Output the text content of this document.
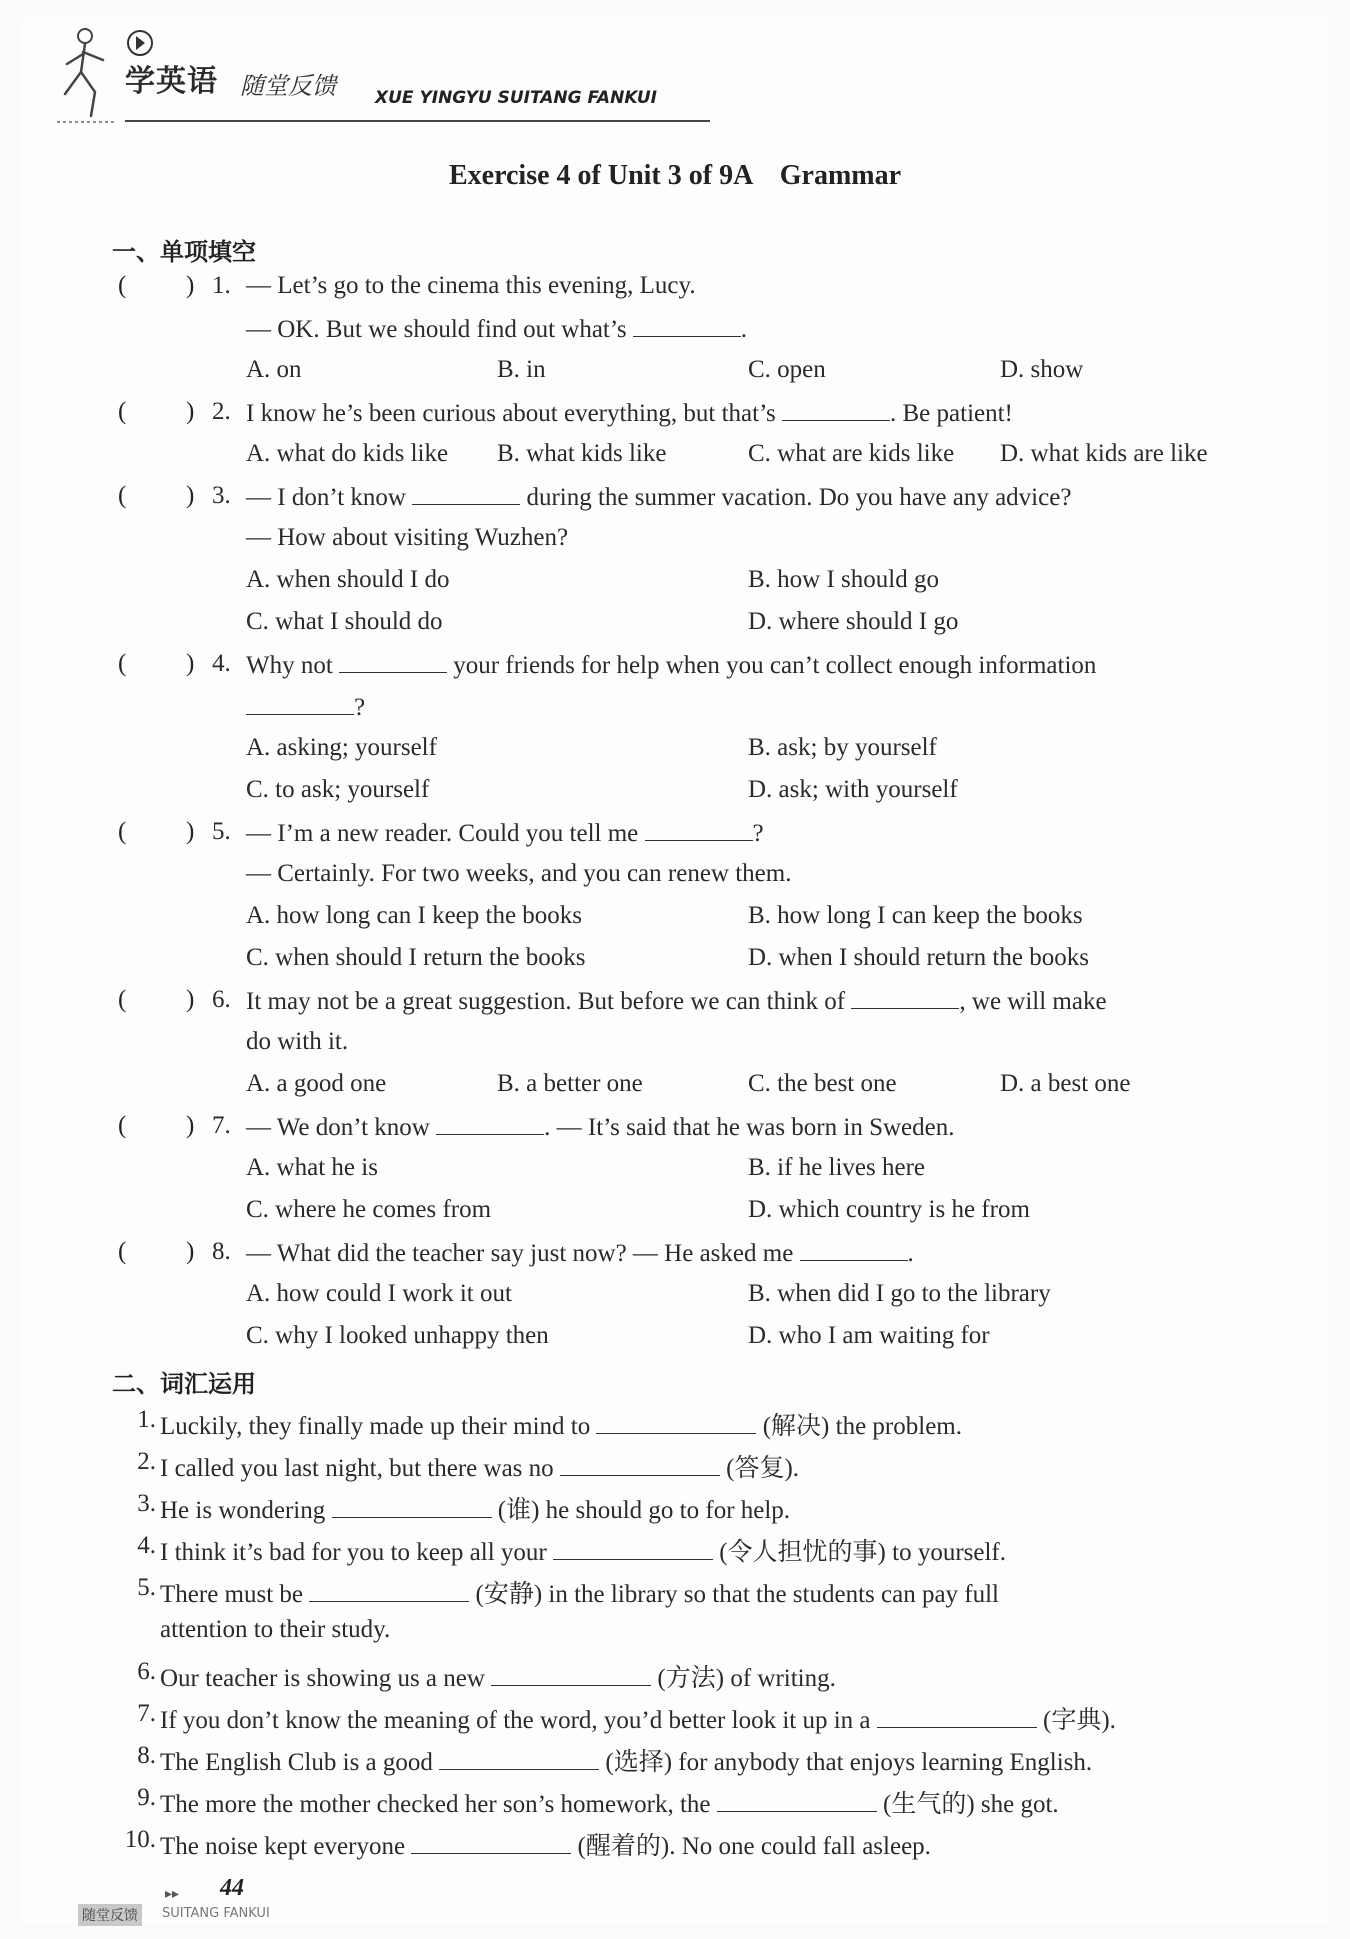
学英语 随堂反馈 XUE YINGYU SUITANG FANKUI
Exercise 4 of Unit 3 of 9A    Grammar
一、单项填空
( ) 1. — Let’s go to the cinema this evening, Lucy.
— OK. But we should find out what’s	.
A. on	B. in	C. open	D. show
( ) 2. I know he’s been curious about everything, but that’s	. Be patient!
A. what do kids like B. what kids like	C. what are kids like D. what kids are like
( ) 3. — I don’t know	during the summer vacation. Do you have any advice?
— How about visiting Wuzhen?
A. when should I do	B. how I should go
C. what I should do	D. where should I go
( ) 4. Why not	your friends for help when you can’t collect enough information
?
A. asking; yourself	B. ask; by yourself
C. to ask; yourself	D. ask; with yourself
( ) 5. — I’m a new reader. Could you tell me	?
— Certainly. For two weeks, and you can renew them.
A. how long can I keep the books	B. how long I can keep the books
C. when should I return the books	D. when I should return the books
( ) 6. It may not be a great suggestion. But before we can think of	, we will make
do with it.
A. a good one	B. a better one	C. the best one	D. a best one
( ) 7. — We don’t know	. — It’s said that he was born in Sweden.
A. what he is	B. if he lives here
C. where he comes from	D. which country is he from
( ) 8. — What did the teacher say just now? — He asked me	.
A. how could I work it out	B. when did I go to the library
C. why I looked unhappy then	D. who I am waiting for
二、词汇运用
1. Luckily, they finally made up their mind to	(解决) the problem.
2. I called you last night, but there was no	(答复).
3. He is wondering	(谁) he should go to for help.
4. I think it’s bad for you to keep all your	(令人担忧的事) to yourself.
5. There must be	(安静) in the library so that the students can pay full
attention to their study.
6. Our teacher is showing us a new	(方法) of writing.
7. If you don’t know the meaning of the word, you’d better look it up in a	(字典).
8. The English Club is a good	(选择) for anybody that enjoys learning English.
9. The more the mother checked her son’s homework, the	(生气的) she got.
10. The noise kept everyone	(醒着的). No one could fall asleep.
▸▸ 44
随堂反馈	SUITANG FANKUI
